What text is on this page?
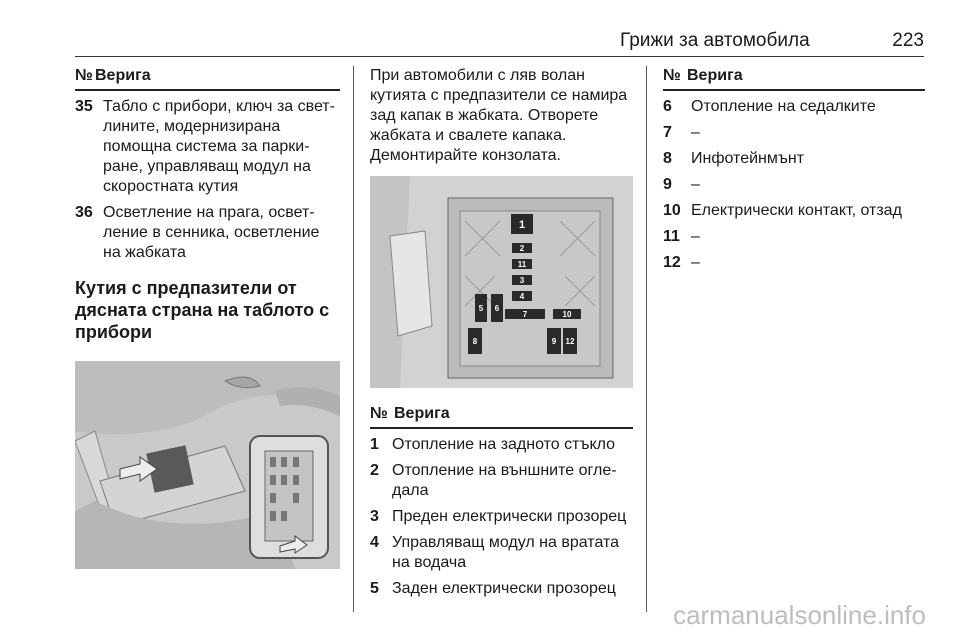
Грижи за автомобила	223
№ Верига
35 Табло с прибори, ключ за светлините, модернизирана помощна система за паркиране, управляващ модул на скоростната кутия
36 Осветление на прага, осветление в сенника, осветление на жабката
Кутия с предпазители от дясната страна на таблото с прибори
При автомобили с ляв волан кутията с предпазители се намира зад капак в жабката. Отворете жабката и свалете капака. Демонтирайте конзолата.
1
2
11
3
4
5 6
7	10
8	9 12
№ Верига
1 Отопление на задното стъкло
2 Отопление на външните огледала
3 Преден електрически прозорец
4 Управляващ модул на вратата на водача
5 Заден електрически прозорец
№ Верига
6	Отопление на седалките
7	–
8	Инфотейнмънт
9	–
10 Електрически контакт, отзад
11 –
12 –
carmanualsonline.info
